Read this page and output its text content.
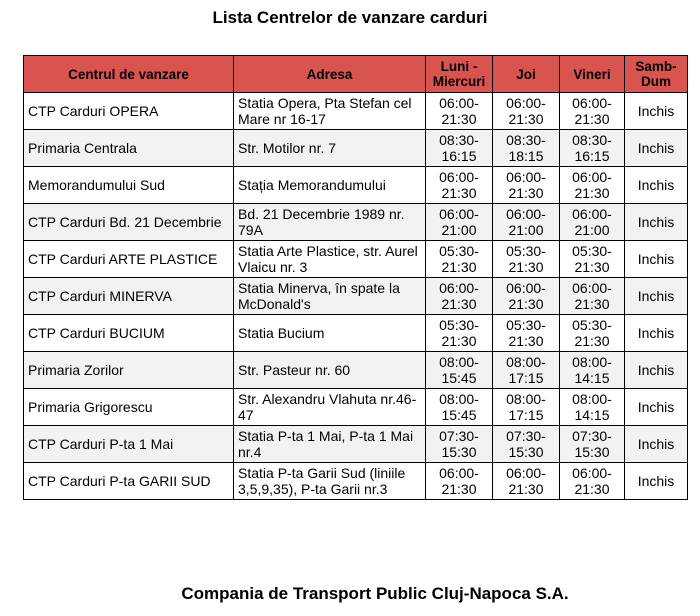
Lista Centrelor de vanzare carduri
Centrul de vanzare	Adresa	Luni - Miercuri	Joi	Vineri	Samb-Dum
CTP Carduri OPERA	Statia Opera, Pta Stefan cel Mare nr 16-17	06:00-21:30	06:00-21:30	06:00-21:30	Inchis
Primaria Centrala	Str. Motilor nr. 7	08:30-16:15	08:30-18:15	08:30-16:15	Inchis
Memorandumului Sud	Stația Memorandumului	06:00-21:30	06:00-21:30	06:00-21:30	Inchis
CTP Carduri Bd. 21 Decembrie	Bd. 21 Decembrie 1989 nr. 79A	06:00-21:00	06:00-21:00	06:00-21:00	Inchis
CTP Carduri ARTE PLASTICE	Statia Arte Plastice, str. Aurel Vlaicu nr. 3	05:30-21:30	05:30-21:30	05:30-21:30	Inchis
CTP Carduri MINERVA	Statia Minerva, în spate la McDonald's	06:00-21:30	06:00-21:30	06:00-21:30	Inchis
CTP Carduri BUCIUM	Statia Bucium	05:30-21:30	05:30-21:30	05:30-21:30	Inchis
Primaria Zorilor	Str. Pasteur nr. 60	08:00-15:45	08:00-17:15	08:00-14:15	Inchis
Primaria Grigorescu	Str. Alexandru Vlahuta nr.46-47	08:00-15:45	08:00-17:15	08:00-14:15	Inchis
CTP Carduri P-ta 1 Mai	Statia P-ta 1 Mai, P-ta 1 Mai nr.4	07:30-15:30	07:30-15:30	07:30-15:30	Inchis
CTP Carduri P-ta GARII SUD	Statia P-ta Garii Sud (liniile 3,5,9,35), P-ta Garii nr.3	06:00-21:30	06:00-21:30	06:00-21:30	Inchis
Compania de Transport Public Cluj-Napoca S.A.
